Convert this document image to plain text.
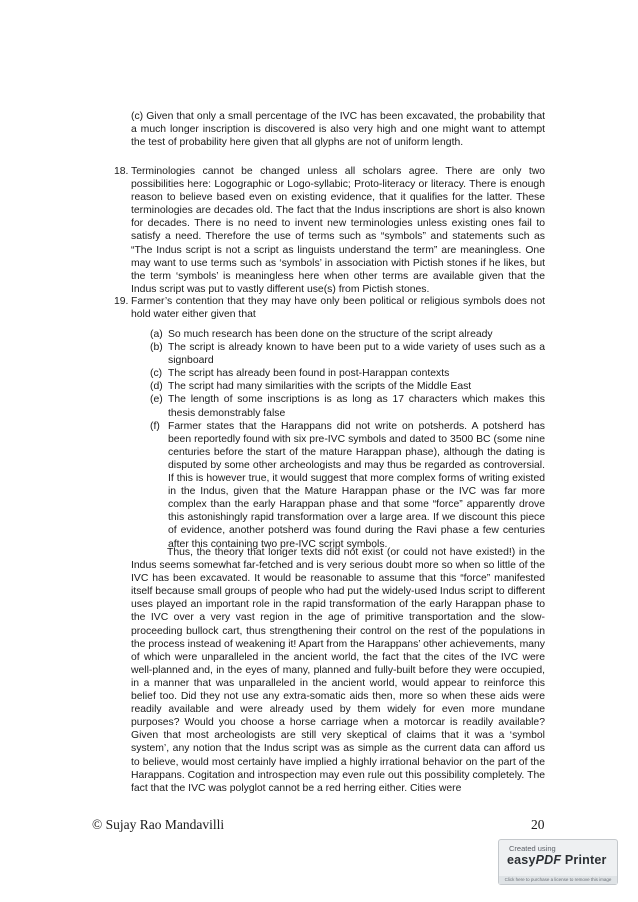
(c) Given that only a small percentage of the IVC has been excavated, the probability that a much longer inscription is discovered is also very high and one might want to attempt the test of probability here given that all glyphs are not of uniform length.

18. Terminologies cannot be changed unless all scholars agree. There are only two possibilities here: Logographic or Logo-syllabic; Proto-literacy or literacy. There is enough reason to believe based even on existing evidence, that it qualifies for the latter. These terminologies are decades old. The fact that the Indus inscriptions are short is also known for decades. There is no need to invent new terminologies unless existing ones fail to satisfy a need. Therefore the use of terms such as “symbols” and statements such as “The Indus script is not a script as linguists understand the term” are meaningless. One may want to use terms such as ‘symbols’ in association with Pictish stones if he likes, but the term ‘symbols’ is meaningless here when other terms are available given that the Indus script was put to vastly different use(s) from Pictish stones.

19. Farmer’s contention that they may have only been political or religious symbols does not hold water either given that

(a) So much research has been done on the structure of the script already
(b) The script is already known to have been put to a wide variety of uses such as a signboard
(c) The script has already been found in post-Harappan contexts
(d) The script had many similarities with the scripts of the Middle East
(e) The length of some inscriptions is as long as 17 characters which makes this thesis demonstrably false
(f) Farmer states that the Harappans did not write on potsherds. A potsherd has been reportedly found with six pre-IVC symbols and dated to 3500 BC (some nine centuries before the start of the mature Harappan phase), although the dating is disputed by some other archeologists and may thus be regarded as controversial. If this is however true, it would suggest that more complex forms of writing existed in the Indus, given that the Mature Harappan phase or the IVC was far more complex than the early Harappan phase and that some “force” apparently drove this astonishingly rapid transformation over a large area. If we discount this piece of evidence, another potsherd was found during the Ravi phase a few centuries after this containing two pre-IVC script symbols.

Thus, the theory that longer texts did not exist (or could not have existed!) in the Indus seems somewhat far-fetched and is very serious doubt more so when so little of the IVC has been excavated. It would be reasonable to assume that this “force” manifested itself because small groups of people who had put the widely-used Indus script to different uses played an important role in the rapid transformation of the early Harappan phase to the IVC over a very vast region in the age of primitive transportation and the slow-proceeding bullock cart, thus strengthening their control on the rest of the populations in the process instead of weakening it! Apart from the Harappans’ other achievements, many of which were unparalleled in the ancient world, the fact that the cites of the IVC were well-planned and, in the eyes of many, planned and fully-built before they were occupied, in a manner that was unparalleled in the ancient world, would appear to reinforce this belief too. Did they not use any extra-somatic aids then, more so when these aids were readily available and were already used by them widely for even more mundane purposes? Would you choose a horse carriage when a motorcar is readily available? Given that most archeologists are still very skeptical of claims that it was a ‘symbol system’, any notion that the Indus script was as simple as the current data can afford us to believe, would most certainly have implied a highly irrational behavior on the part of the Harappans. Cogitation and introspection may even rule out this possibility completely. The fact that the IVC was polyglot cannot be a red herring either. Cities were

© Sujay Rao Mandavilli	20
Created using
easyPDF Printer
Click here to purchase a license to remove this image
